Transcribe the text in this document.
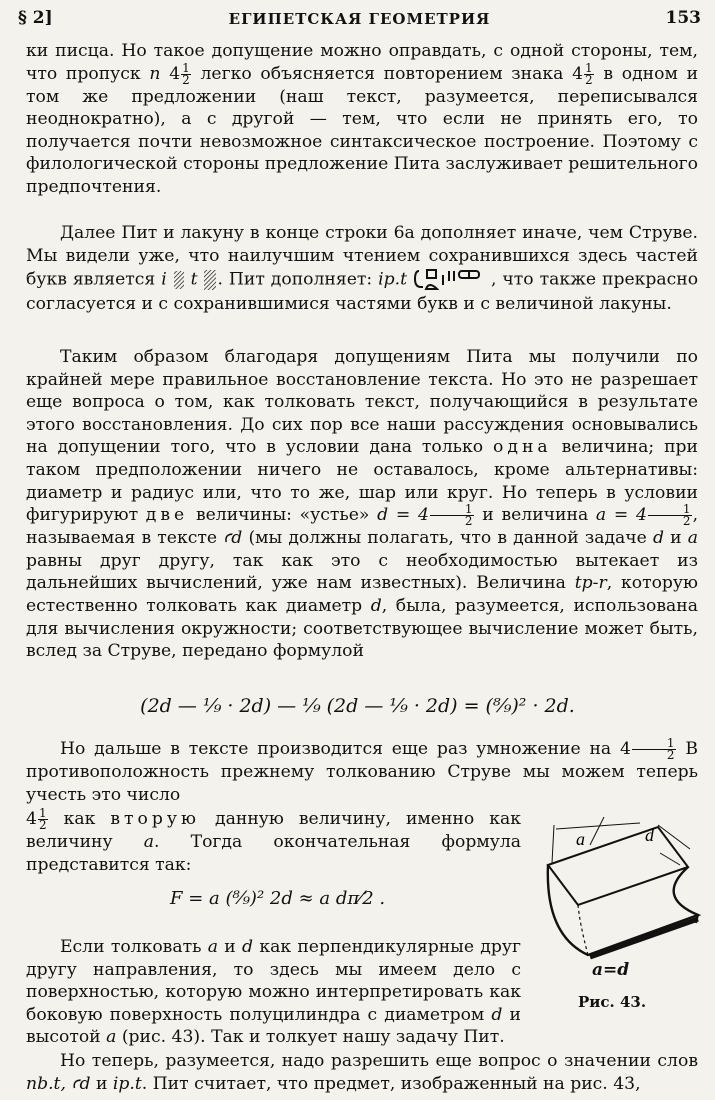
§ 2]	ЕГИПЕТСКАЯ ГЕОМЕТРИЯ	153

ки писца. Но такое допущение можно оправдать, с одной стороны, тем, что пропуск n $4 \frac{1}{2}$ легко объясняется повторением знака $4 \frac{1}{2}$ в одном и том же предложении (наш текст, разумеется, переписывался неоднократно), а с другой — тем, что если не принять его, то получается почти невозможное синтаксическое построение. Поэтому с филологической стороны предложение Пита заслуживает решительного предпочтения.

Далее Пит и лакуну в конце строки 6а дополняет иначе, чем Струве. Мы видели уже, что наилучшим чтением сохранившихся здесь частей букв является i t . Пит дополняет: ip.t	, что также прекрасно согласуется и с сохранившимися частями букв и с величиной лакуны.

Таким образом благодаря допущениям Пита мы получили по крайней мере правильное восстановление текста. Но это не разрешает еще вопроса о том, как толковать текст, получающийся в результате этого восстановления. До сих пор все наши рассуждения основывались на допущении того, что в условии дана только одна величина; при таком предположении ничего не оставалось, кроме альтернативы: диаметр и радиус или, что то же, шар или круг. Но теперь в условии фигурируют две величины: «устье» $d = 4 \frac{1}{2}$ и величина $a = 4 \frac{1}{2}$ , называемая в тексте ꜥd (мы должны полагать, что в данной задаче d и a равны друг другу, так как это с необходимостью вытекает из дальнейших вычислений, уже нам известных). Величина tp-r, которую естественно толковать как диаметр d, была, разумеется, использована для вычисления окружности; соответствующее вычисление может быть, вслед за Струве, передано формулой

(2d — ¹⁄₉ · 2d) — ¹⁄₉ (2d — ¹⁄₉ · 2d) = (⁸⁄₉)² · 2d.

Но дальше в тексте производится еще раз умножение на $4 \frac{1}{2}$ В противоположность прежнему толкованию Струве мы можем теперь учесть это число

$4 \frac{1}{2}$ как вторую данную величину, именно как величину a. Тогда окончательная формула представится так:

F = a (⁸⁄₉)² 2d ≈ a dπ⁄2 .

Если толковать a и d как перпендикулярные друг другу направления, то здесь мы имеем дело с поверхностью, которую можно интерпретировать как боковую поверхность полуцилиндра с диаметром d и высотой a (рис. 43). Так и толкует нашу задачу Пит.

Но теперь, разумеется, надо разрешить еще вопрос о значении слов nb.t, ꜥd и ip.t. Пит считает, что предмет, изображенный на рис. 43,

a	d
a=d
Рис. 43.
